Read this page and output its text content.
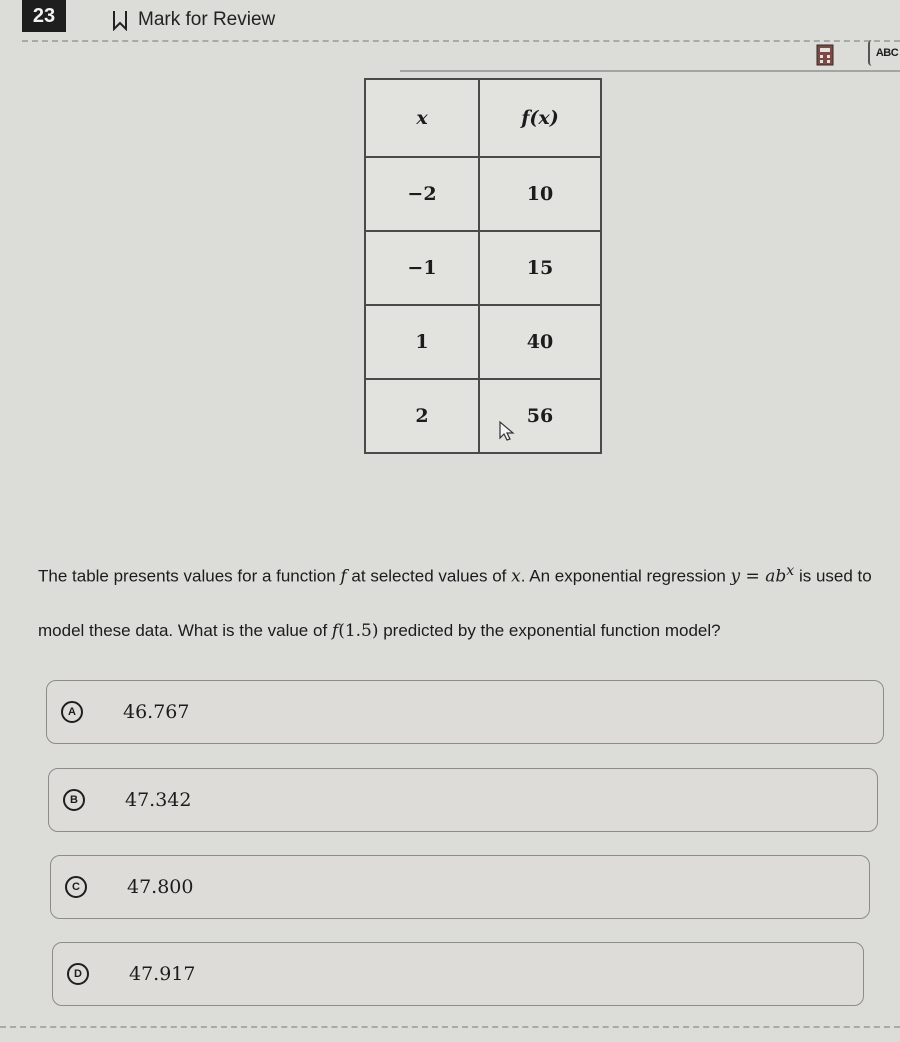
23	Mark for Review
ABC
x	f(x)
−2	10
−1	15
1	40
2	56

The table presents values for a function f at selected values of x. An exponential regression $y = ab^x$ is used to model these data. What is the value of f(1.5) predicted by the exponential function model?

A	46.767
B	47.342
C	47.800
D	47.917
